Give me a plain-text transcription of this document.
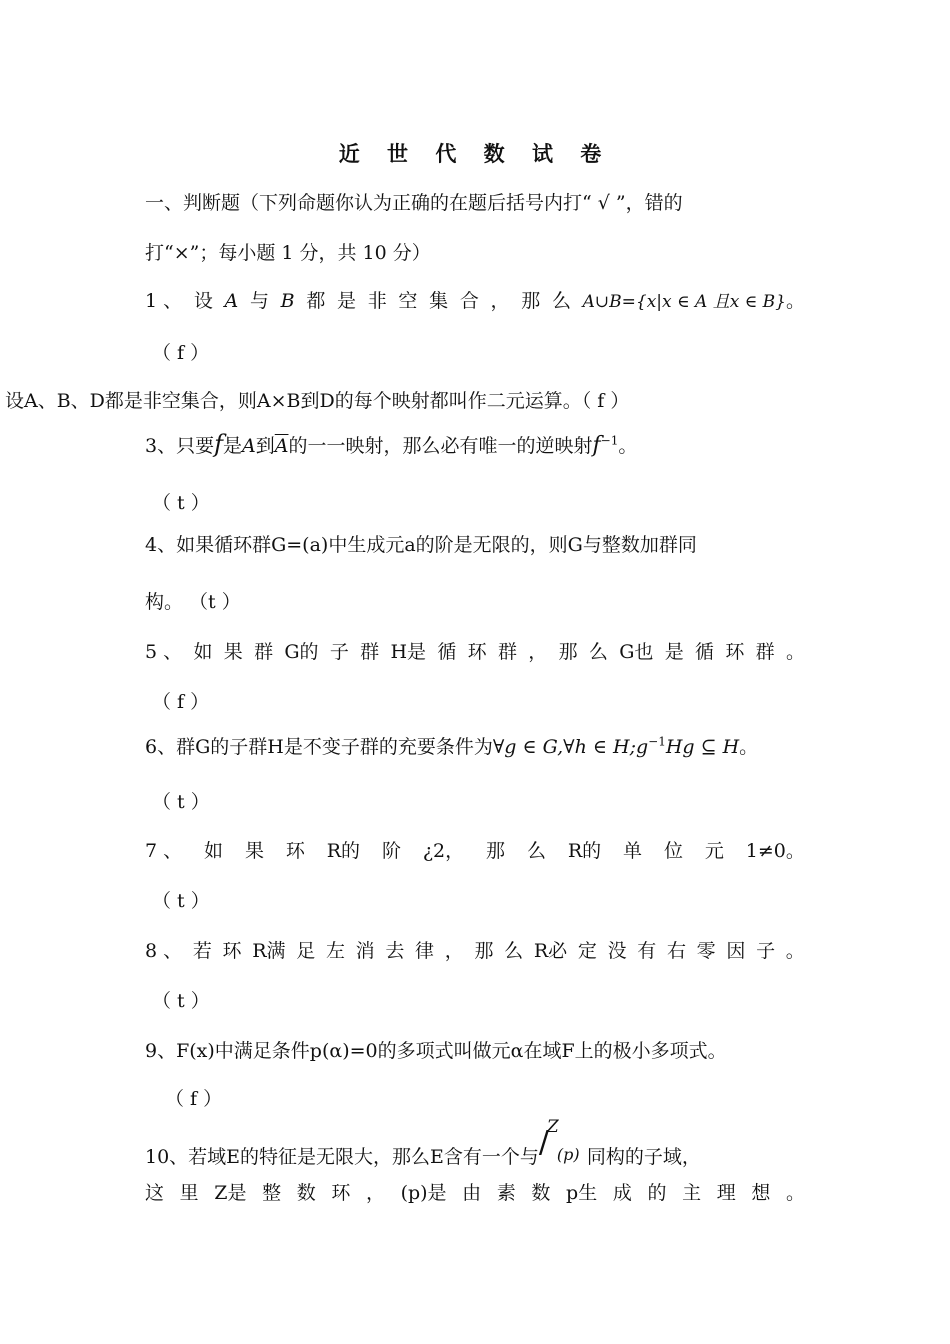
近 世 代 数 试 卷
一、判断题（下列命题你认为正确的在题后括号内打“ √ ”，错的
打“×”；每小题 1 分，共 10 分）
1 、 设 A 与 B 都 是 非 空 集 合 ， 那 么 A∪B={x|x ∈ A 且x ∈ B}。
（ f ）
设A、B、D都是非空集合，则A×B到D的每个映射都叫作二元运算。（ f ）
3、只要f是A到$\overline{A}$的一一映射，那么必有唯一的逆映射$f^{-1}$。
（ t ）
4、如果循环群G=(a)中生成元a的阶是无限的，则G与整数加群同
构。 （t ）
5 、 如 果 群 G的 子 群 H是 循 环 群 ， 那 么 G也 是 循 环 群 。
（ f ）
6、群G的子群H是不变子群的充要条件为∀g ∈ G,∀h ∈ $H;g^{-1}Hg$ ⊆ H。
（ t ）
7 、 如 果 环 R的 阶 ¿2， 那 么 R的 单 位 元 1≠0。
（ t ）
8 、 若 环 R满 足 左 消 去 律 ， 那 么 R必 定 没 有 右 零 因 子 。
（ t ）
9、F(x)中满足条件p(α)=0的多项式叫做元α在域F上的极小多项式。
（ f ）
10、若域E的特征是无限大，那么E含有一个与
Z
/ (p) 同构的子域，
这 里 Z是 整 数 环 ， (p)是 由 素 数 p生 成 的 主 理 想 。
